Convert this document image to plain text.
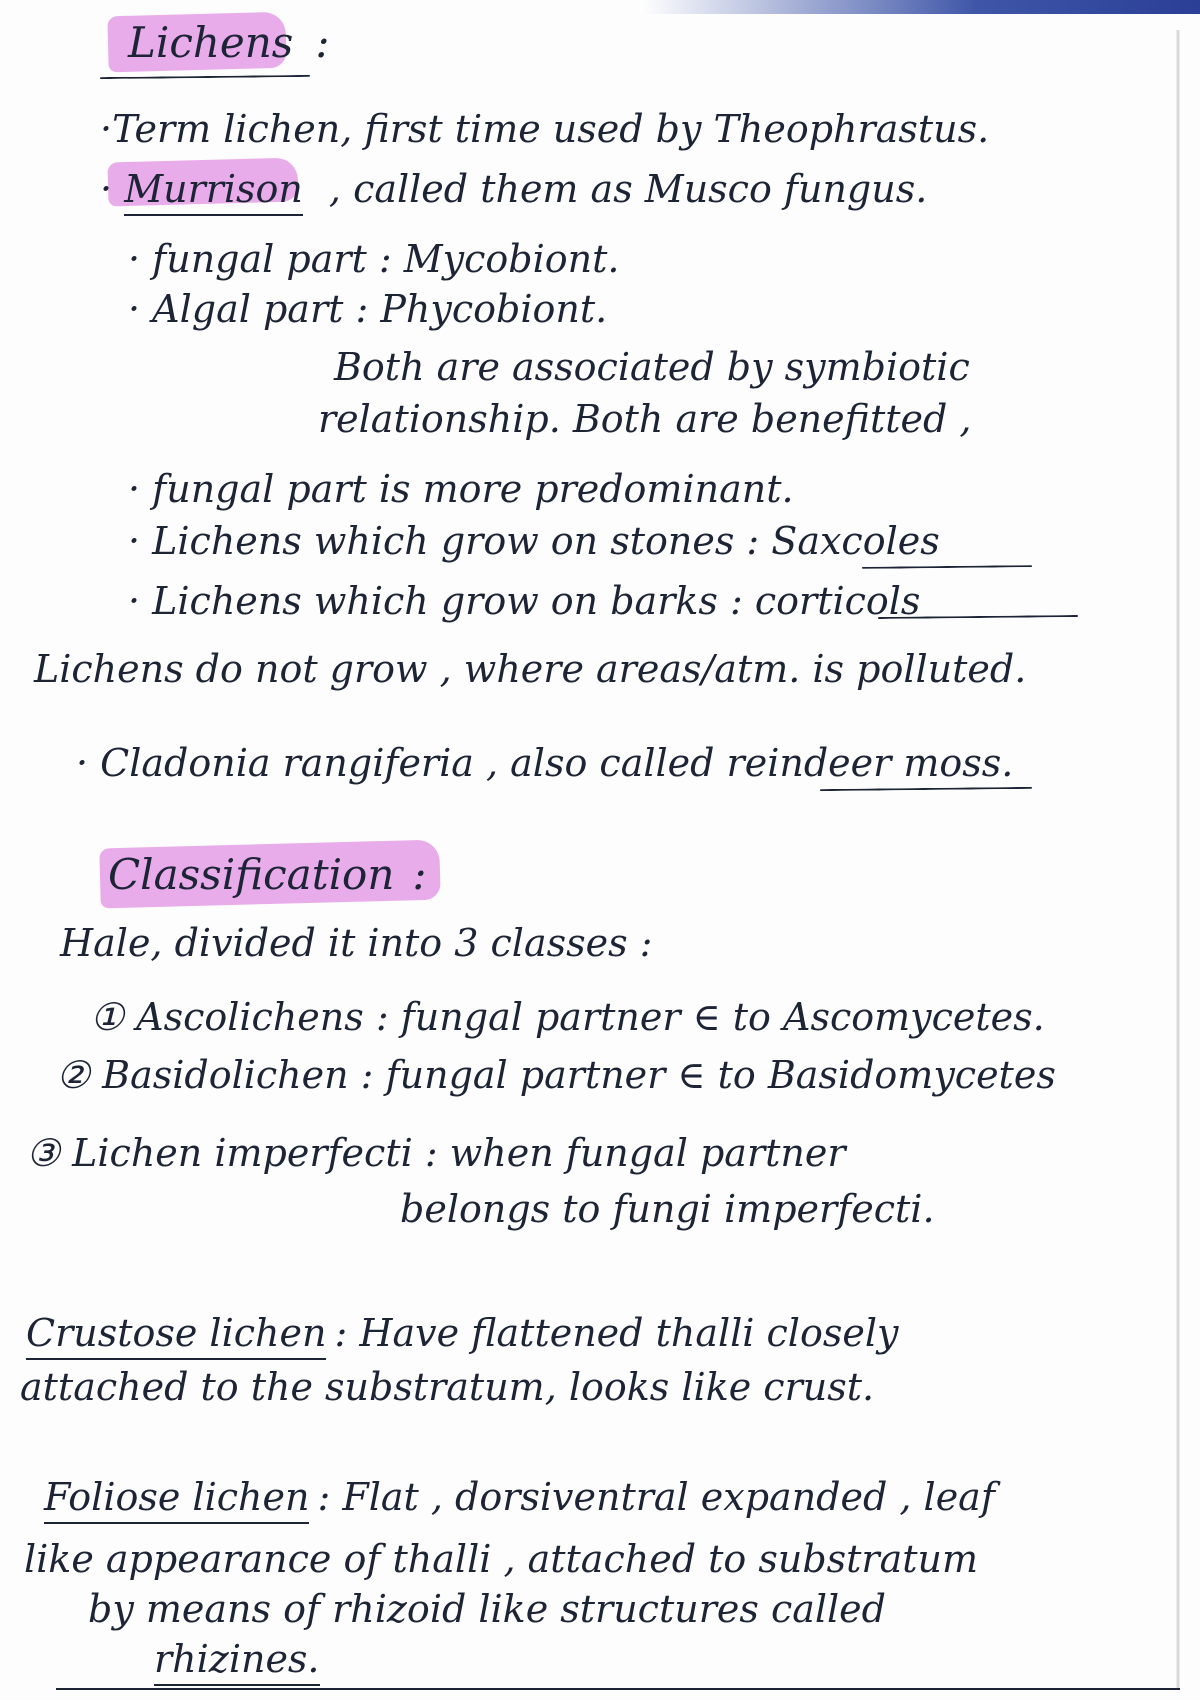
Lichens :
·Term lichen, first time used by Theophrastus.
· Murrison , called them as Musco fungus.
· fungal part : Mycobiont.
· Algal part : Phycobiont.
Both are associated by symbiotic
relationship. Both are benefitted ,
· fungal part is more predominant.
· Lichens which grow on stones : Saxcoles
· Lichens which grow on barks : corticols
Lichens do not grow , where areas/atm. is polluted.
· Cladonia rangiferia , also called reindeer moss.
Classification :
Hale, divided it into 3 classes :
① Ascolichens : fungal partner ∈ to Ascomycetes.
② Basidolichen : fungal partner ∈ to Basidomycetes
③ Lichen imperfecti : when fungal partner
belongs to fungi imperfecti.
Crustose lichen : Have flattened thalli closely
attached to the substratum, looks like crust.
Foliose lichen : Flat , dorsiventral expanded , leaf
like appearance of thalli , attached to substratum
by means of rhizoid like structures called
rhizines.
